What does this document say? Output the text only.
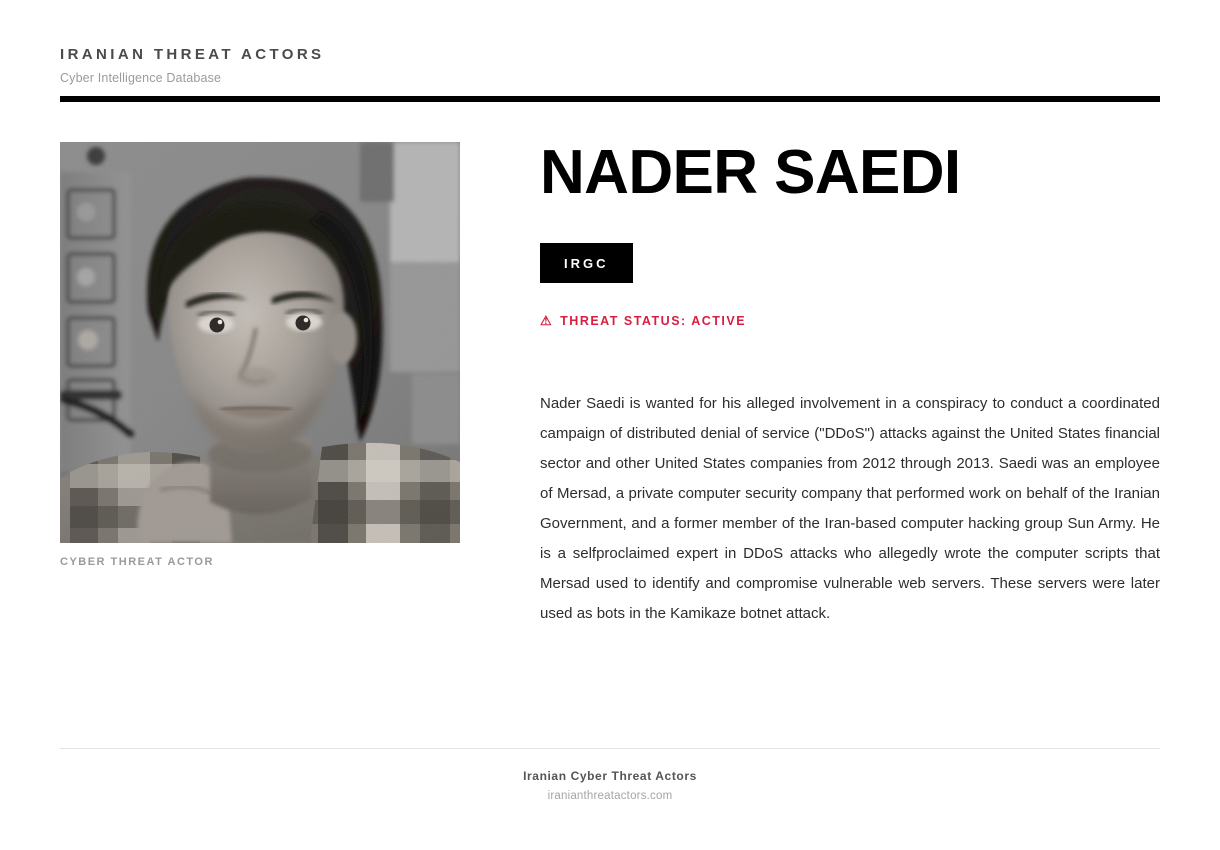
IRANIAN THREAT ACTORS
Cyber Intelligence Database
CYBER THREAT ACTOR
NADER SAEDI
IRGC
⚠ THREAT STATUS: ACTIVE

Nader Saedi is wanted for his alleged involvement in a conspiracy to conduct a coordinated campaign of distributed denial of service ("DDoS") attacks against the United States financial sector and other United States companies from 2012 through 2013. Saedi was an employee of Mersad, a private computer security company that performed work on behalf of the Iranian Government, and a former member of the Iran-based computer hacking group Sun Army. He is a selfproclaimed expert in DDoS attacks who allegedly wrote the computer scripts that Mersad used to identify and compromise vulnerable web servers. These servers were later used as bots in the Kamikaze botnet attack.

Iranian Cyber Threat Actors
iranianthreatactors.com
